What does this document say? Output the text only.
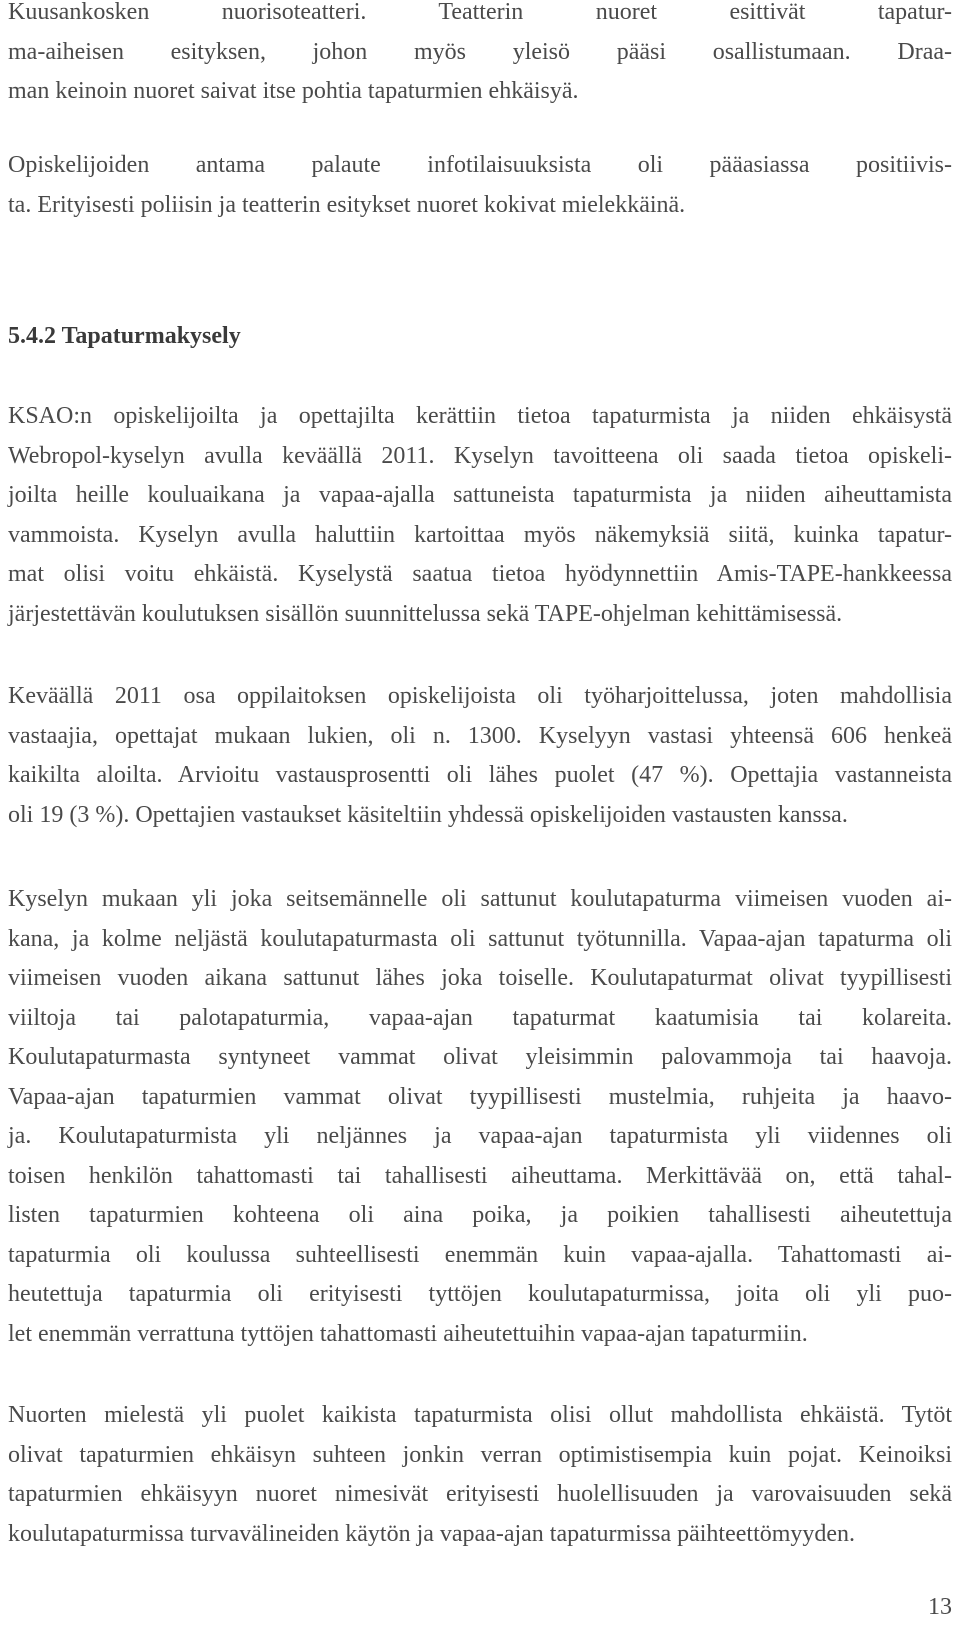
Kuusankosken nuorisoteatteri. Teatterin nuoret esittivät tapatur-
ma-aiheisen esityksen, johon myös yleisö pääsi osallistumaan. Draa-
man keinoin nuoret saivat itse pohtia tapaturmien ehkäisyä.

Opiskelijoiden antama palaute infotilaisuuksista oli pääasiassa positiivis-
ta. Erityisesti poliisin ja teatterin esitykset nuoret kokivat mielekkäinä.

5.4.2 Tapaturmakysely

KSAO:n opiskelijoilta ja opettajilta kerättiin tietoa tapaturmista ja niiden ehkäisystä
Webropol-kyselyn avulla keväällä 2011. Kyselyn tavoitteena oli saada tietoa opiskeli-
joilta heille kouluaikana ja vapaa-ajalla sattuneista tapaturmista ja niiden aiheuttamista
vammoista. Kyselyn avulla haluttiin kartoittaa myös näkemyksiä siitä, kuinka tapatur-
mat olisi voitu ehkäistä. Kyselystä saatua tietoa hyödynnettiin Amis-TAPE-hankkeessa
järjestettävän koulutuksen sisällön suunnittelussa sekä TAPE-ohjelman kehittämisessä.

Keväällä 2011 osa oppilaitoksen opiskelijoista oli työharjoittelussa, joten mahdollisia
vastaajia, opettajat mukaan lukien, oli n. 1300. Kyselyyn vastasi yhteensä 606 henkeä
kaikilta aloilta. Arvioitu vastausprosentti oli lähes puolet (47 %). Opettajia vastanneista
oli 19 (3 %). Opettajien vastaukset käsiteltiin yhdessä opiskelijoiden vastausten kanssa.

Kyselyn mukaan yli joka seitsemännelle oli sattunut koulutapaturma viimeisen vuoden ai-
kana, ja kolme neljästä koulutapaturmasta oli sattunut työtunnilla. Vapaa-ajan tapaturma oli
viimeisen vuoden aikana sattunut lähes joka toiselle. Koulutapaturmat olivat tyypillisesti
viiltoja tai palotapaturmia, vapaa-ajan tapaturmat kaatumisia tai kolareita.
Koulutapaturmasta syntyneet vammat olivat yleisimmin palovammoja tai haavoja.
Vapaa-ajan tapaturmien vammat olivat tyypillisesti mustelmia, ruhjeita ja haavo-
ja. Koulutapaturmista yli neljännes ja vapaa-ajan tapaturmista yli viidennes oli
toisen henkilön tahattomasti tai tahallisesti aiheuttama. Merkittävää on, että tahal-
listen tapaturmien kohteena oli aina poika, ja poikien tahallisesti aiheutettuja
tapaturmia oli koulussa suhteellisesti enemmän kuin vapaa-ajalla. Tahattomasti ai-
heutettuja tapaturmia oli erityisesti tyttöjen koulutapaturmissa, joita oli yli puo-
let enemmän verrattuna tyttöjen tahattomasti aiheutettuihin vapaa-ajan tapaturmiin.

Nuorten mielestä yli puolet kaikista tapaturmista olisi ollut mahdollista ehkäistä. Tytöt
olivat tapaturmien ehkäisyn suhteen jonkin verran optimistisempia kuin pojat. Keinoiksi
tapaturmien ehkäisyyn nuoret nimesivät erityisesti huolellisuuden ja varovaisuuden sekä
koulutapaturmissa turvavälineiden käytön ja vapaa-ajan tapaturmissa päihteettömyyden.

13
